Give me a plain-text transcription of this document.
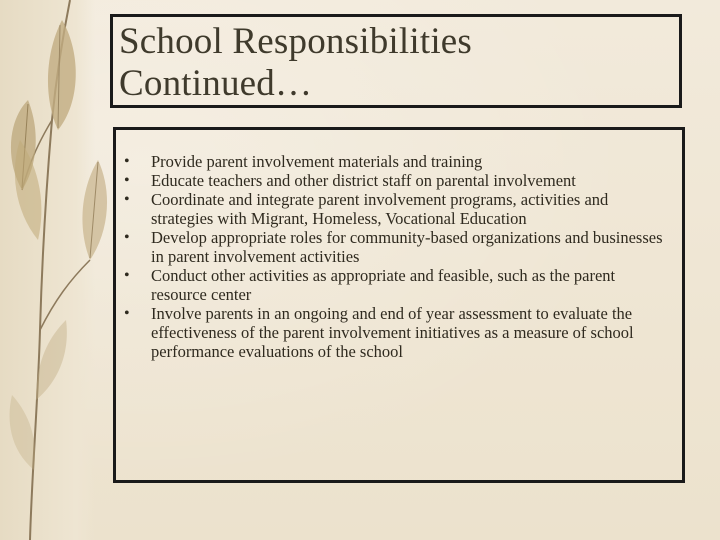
School Responsibilities Continued…
• Provide parent involvement materials and training
• Educate teachers and other district staff on parental involvement
• Coordinate and integrate parent involvement programs, activities and strategies with Migrant, Homeless, Vocational Education
• Develop appropriate roles for community-based organizations and businesses in parent involvement activities
• Conduct other activities as appropriate and feasible, such as the parent resource center
• Involve parents in an ongoing and end of year assessment to evaluate the effectiveness of the parent involvement initiatives as a measure of school performance evaluations of the school
